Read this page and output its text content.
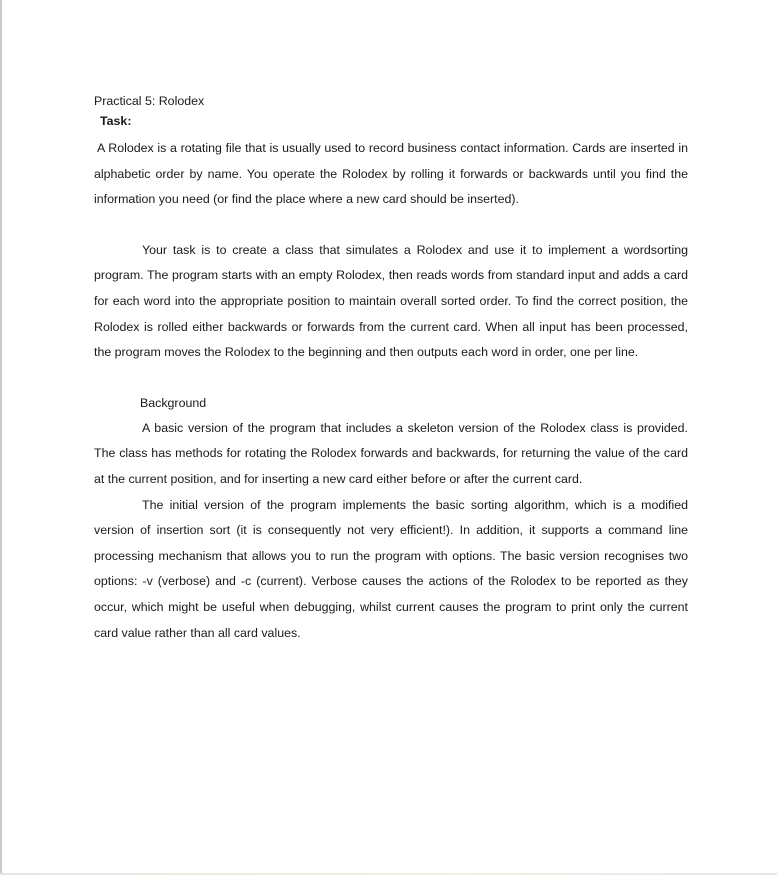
Practical 5: Rolodex
Task:

A Rolodex is a rotating file that is usually used to record business contact information. Cards are inserted in alphabetic order by name. You operate the Rolodex by rolling it forwards or backwards until you find the information you need (or find the place where a new card should be inserted).

Your task is to create a class that simulates a Rolodex and use it to implement a wordsorting program. The program starts with an empty Rolodex, then reads words from standard input and adds a card for each word into the appropriate position to maintain overall sorted order. To find the correct position, the Rolodex is rolled either backwards or forwards from the current card. When all input has been processed, the program moves the Rolodex to the beginning and then outputs each word in order, one per line.

Background

A basic version of the program that includes a skeleton version of the Rolodex class is provided. The class has methods for rotating the Rolodex forwards and backwards, for returning the value of the card at the current position, and for inserting a new card either before or after the current card.

The initial version of the program implements the basic sorting algorithm, which is a modified version of insertion sort (it is consequently not very efficient!). In addition, it supports a command line processing mechanism that allows you to run the program with options. The basic version recognises two options: -v (verbose) and -c (current). Verbose causes the actions of the Rolodex to be reported as they occur, which might be useful when debugging, whilst current causes the program to print only the current card value rather than all card values.
